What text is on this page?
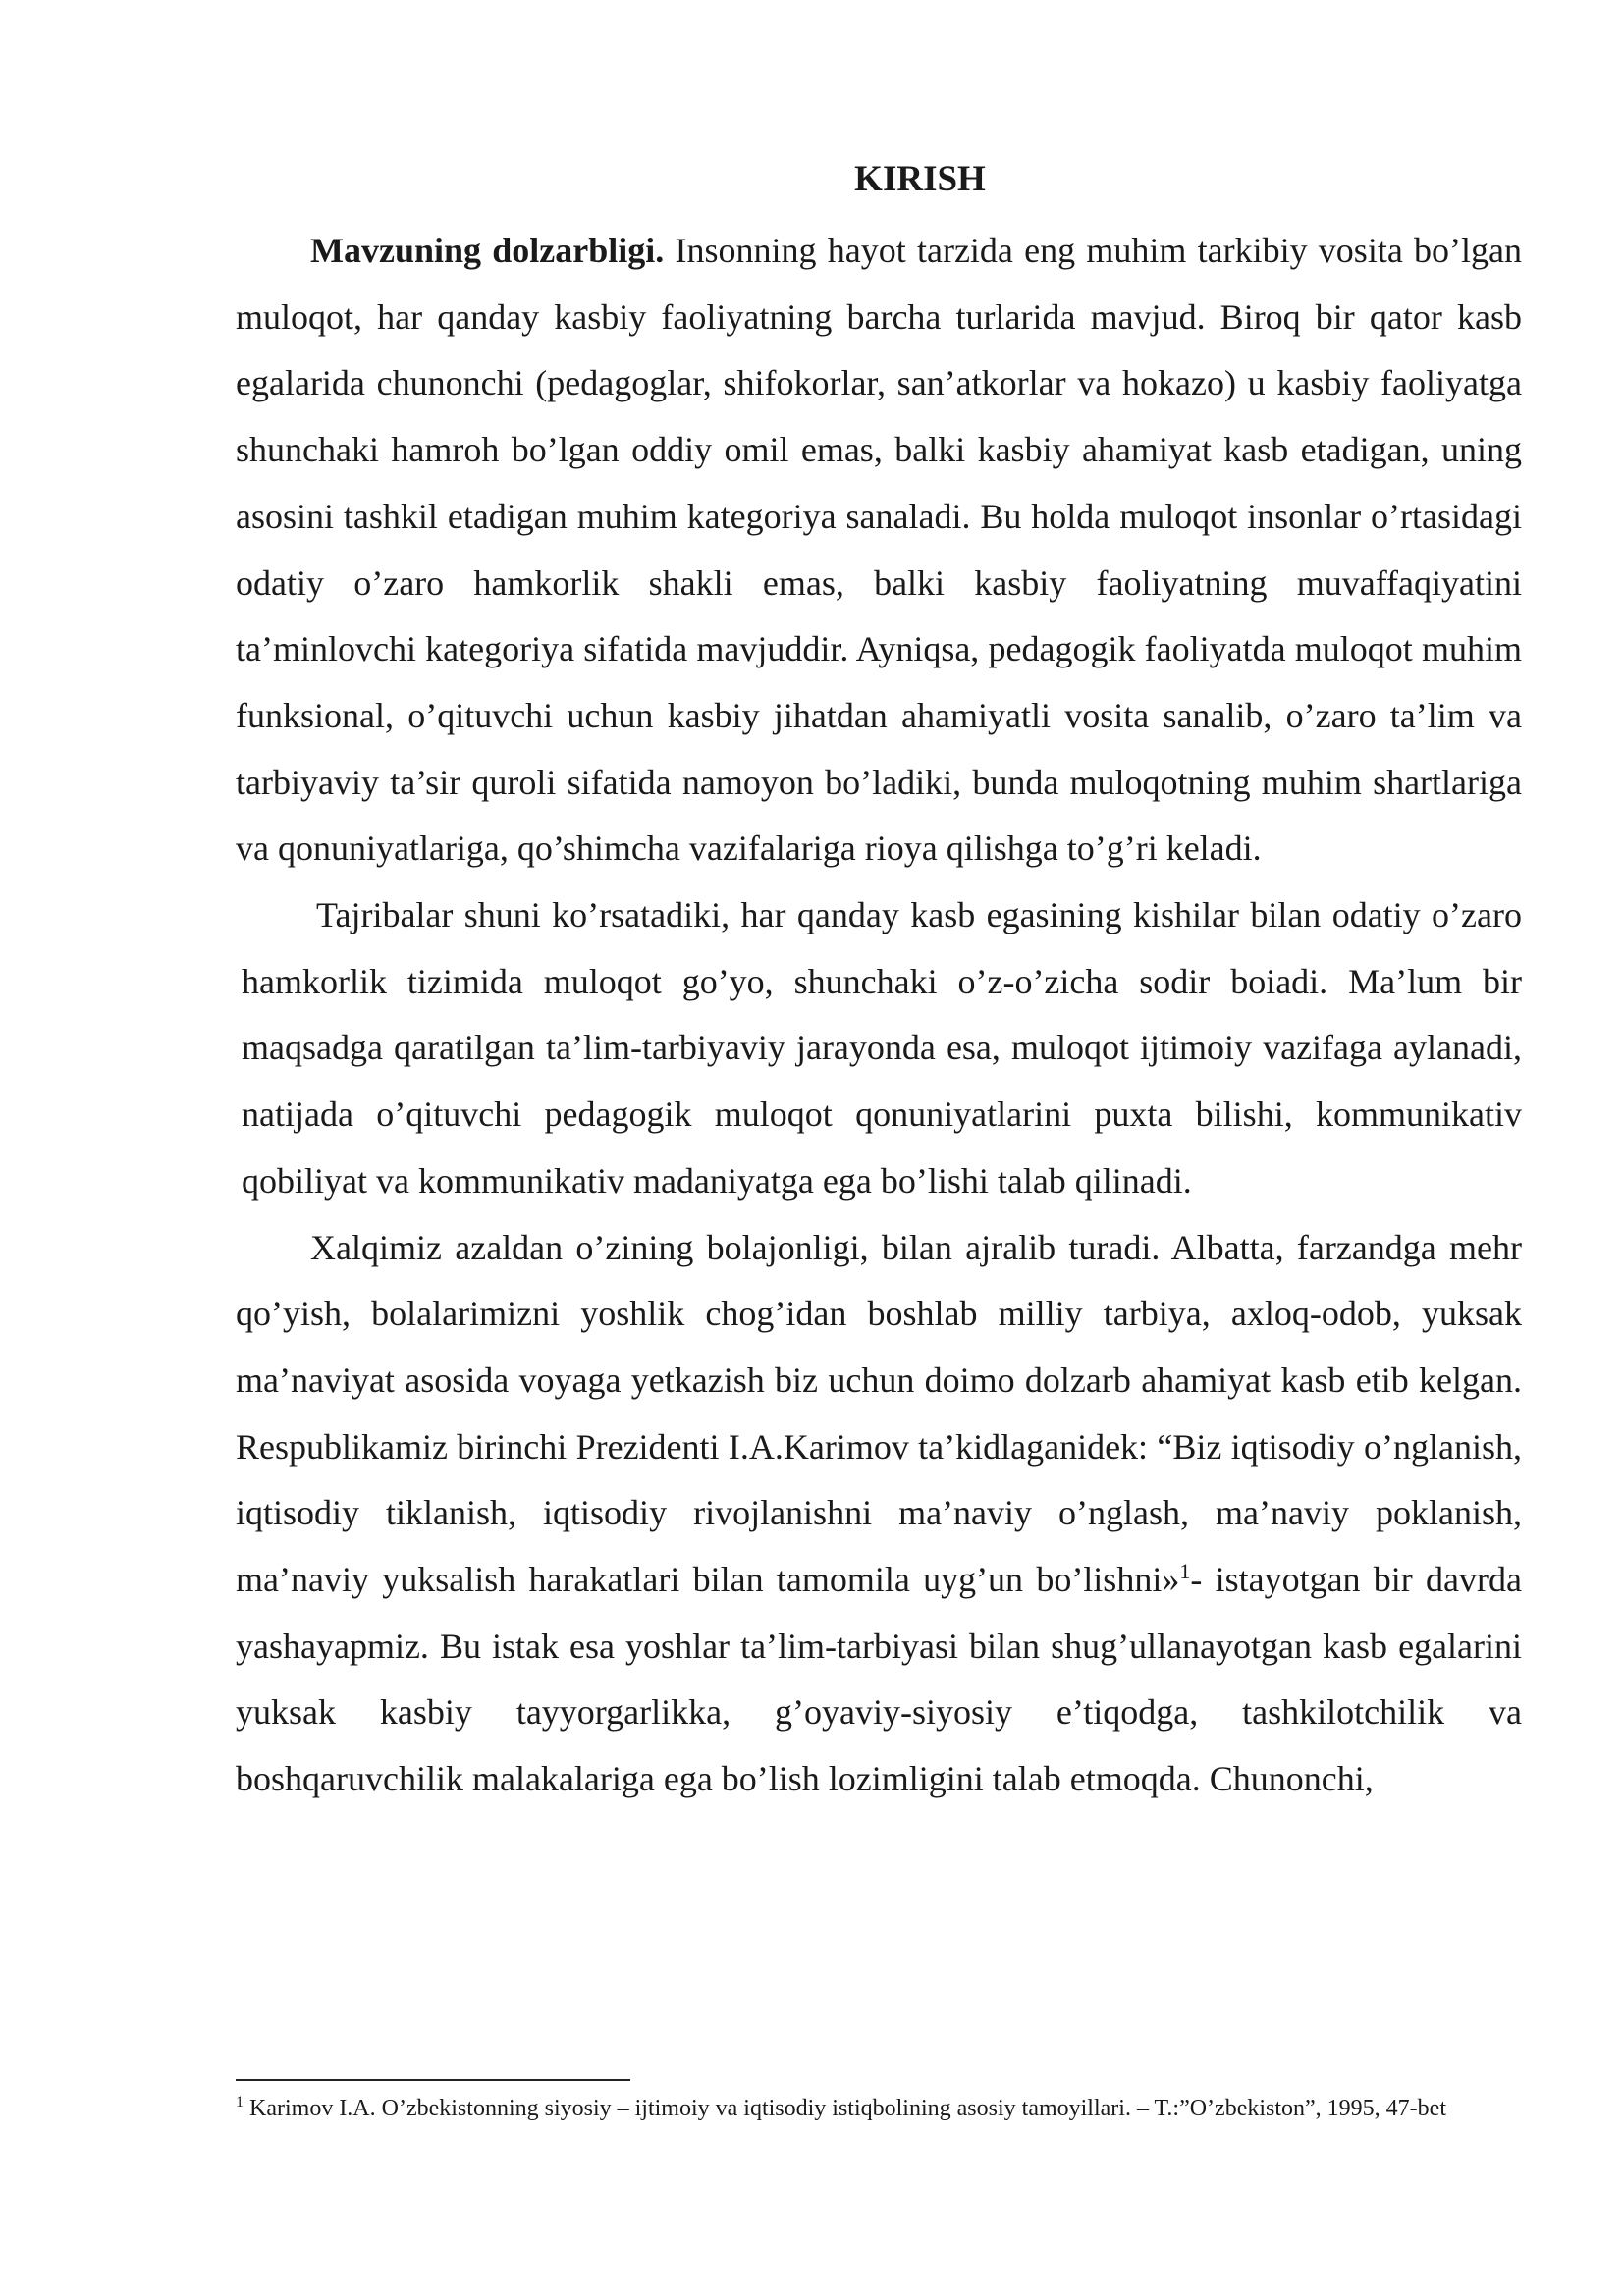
KIRISH

Mavzuning dolzarbligi. Insonning hayot tarzida eng muhim tarkibiy vosita bo’lgan muloqot, har qanday kasbiy faoliyatning barcha turlarida mavjud. Biroq bir qator kasb egalarida chunonchi (pedagoglar, shifokorlar, san’atkorlar va hokazo) u kasbiy faoliyatga shunchaki hamroh bo’lgan oddiy omil emas, balki kasbiy ahamiyat kasb etadigan, uning asosini tashkil etadigan muhim kategoriya sanaladi. Bu holda muloqot insonlar o’rtasidagi odatiy o’zaro hamkorlik shakli emas, balki kasbiy faoliyatning muvaffaqiyatini ta’minlovchi kategoriya sifatida mavjuddir. Ayniqsa, pedagogik faoliyatda muloqot muhim funksional, o’qituvchi uchun kasbiy jihatdan ahamiyatli vosita sanalib, o’zaro ta’lim va tarbiyaviy ta’sir quroli sifatida namoyon bo’ladiki, bunda muloqotning muhim shartlariga va qonuniyatlariga, qo’shimcha vazifalariga rioya qilishga to’g’ri keladi.

Tajribalar shuni ko’rsatadiki, har qanday kasb egasining kishilar bilan odatiy o’zaro hamkorlik tizimida muloqot go’yo, shunchaki o’z-o’zicha sodir boiadi. Ma’lum bir maqsadga qaratilgan ta’lim-tarbiyaviy jarayonda esa, muloqot ijtimoiy vazifaga aylanadi, natijada o’qituvchi pedagogik muloqot qonuniyatlarini puxta bilishi, kommunikativ qobiliyat va kommunikativ madaniyatga ega bo’lishi talab qilinadi.

Xalqimiz azaldan o’zining bolajonligi, bilan ajralib turadi. Albatta, farzandga mehr qo’yish, bolalarimizni yoshlik chog’idan boshlab milliy tarbiya, axloq-odob, yuksak ma’naviyat asosida voyaga yetkazish biz uchun doimo dolzarb ahamiyat kasb etib kelgan. Respublikamiz birinchi Prezidenti I.A.Karimov ta’kidlaganidek: “Biz iqtisodiy o’nglanish, iqtisodiy tiklanish, iqtisodiy rivojlanishni ma’naviy o’nglash, ma’naviy poklanish, ma’naviy yuksalish harakatlari bilan tamomila uyg’un bo’lishni»$^1$- istayotgan bir davrda yashayapmiz. Bu istak esa yoshlar ta’lim-tarbiyasi bilan shug’ullanayotgan kasb egalarini yuksak kasbiy tayyorgarlikka, g’oyaviy-siyosiy e’tiqodga, tashkilotchilik va boshqaruvchilik malakalariga ega bo’lish lozimligini talab etmoqda. Chunonchi,

$^1$ Karimov I.A. O’zbekistonning siyosiy – ijtimoiy va iqtisodiy istiqbolining asosiy tamoyillari. – T.:”O’zbekiston”, 1995, 47-bet
